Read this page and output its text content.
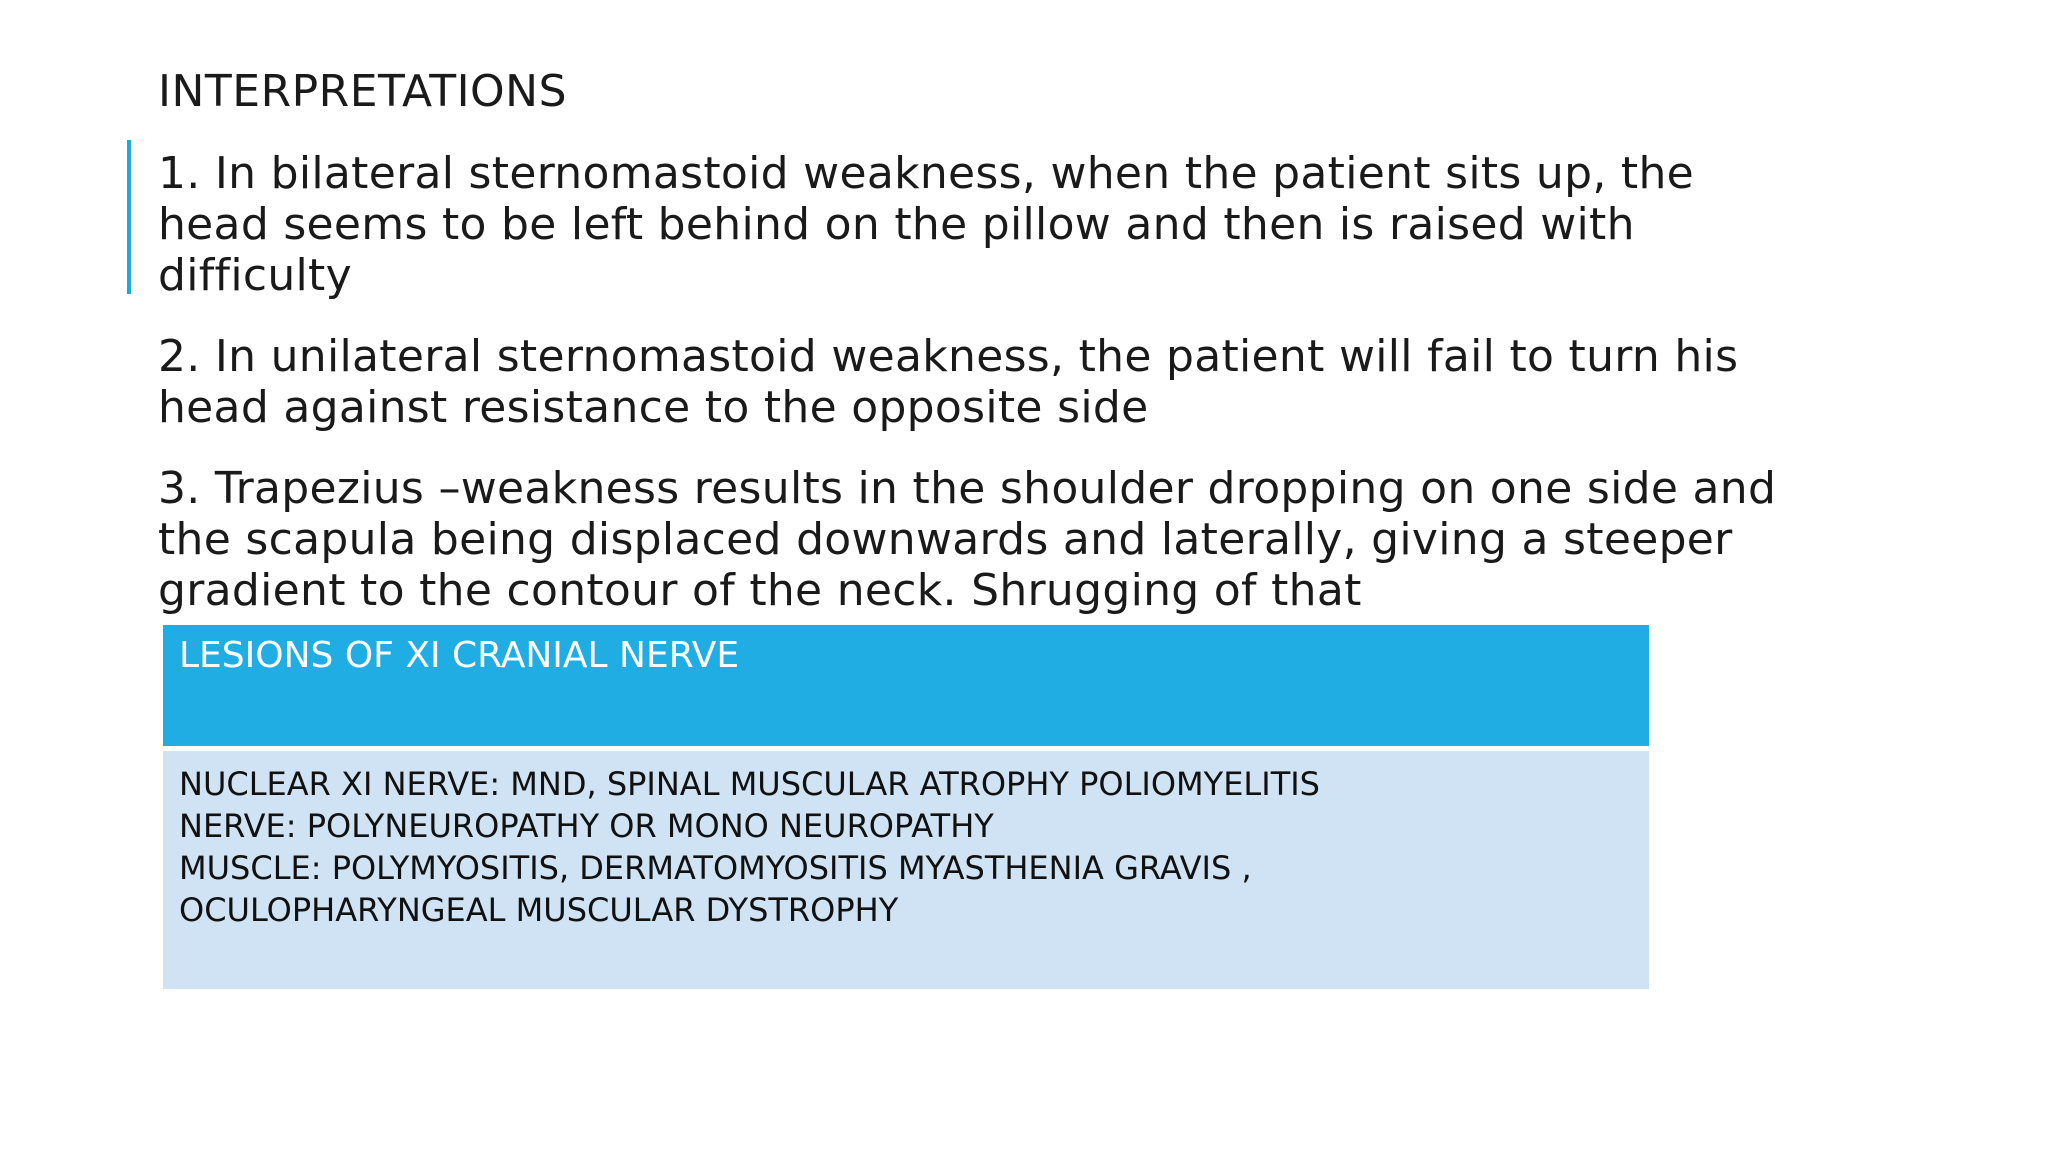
INTERPRETATIONS

1. In bilateral sternomastoid weakness, when the patient sits up, the head seems to be left behind on the pillow and then is raised with difficulty

2. In unilateral sternomastoid weakness, the patient will fail to turn his head against resistance to the opposite side

3. Trapezius –weakness results in the shoulder dropping on one side and the scapula being displaced downwards and laterally, giving a steeper gradient to the contour of the neck. Shrugging of that

LESIONS OF XI CRANIAL NERVE
NUCLEAR XI NERVE: MND, SPINAL MUSCULAR ATROPHY POLIOMYELITIS
NERVE: POLYNEUROPATHY OR MONO NEUROPATHY
MUSCLE: POLYMYOSITIS, DERMATOMYOSITIS MYASTHENIA GRAVIS ,
OCULOPHARYNGEAL MUSCULAR DYSTROPHY
